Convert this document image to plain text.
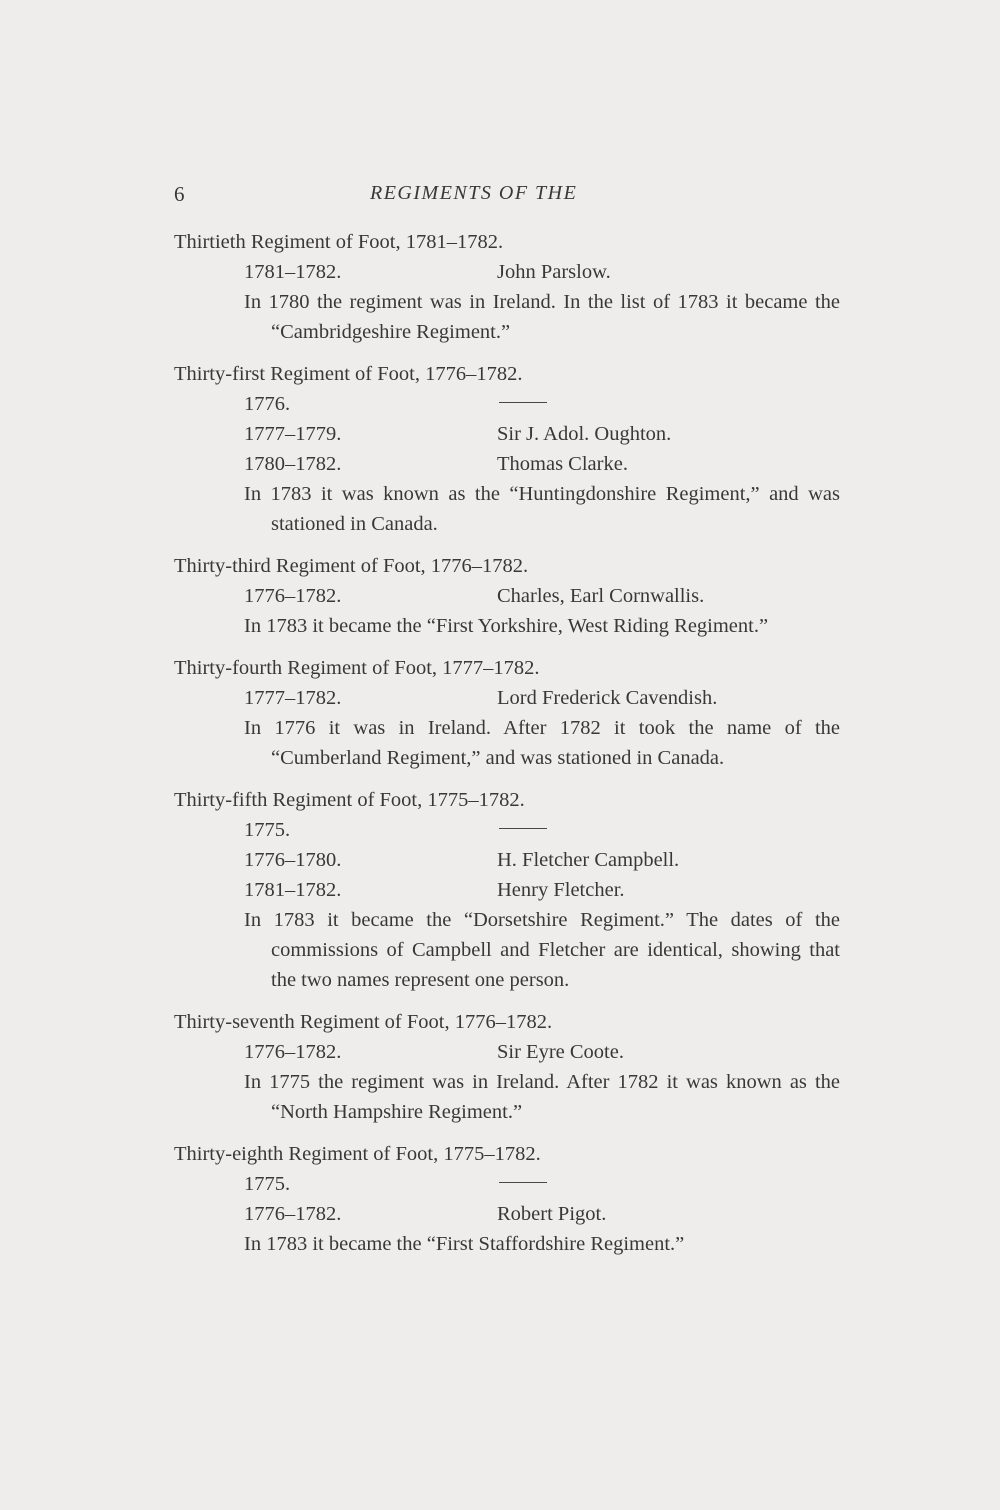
6	REGIMENTS OF THE
Thirtieth Regiment of Foot, 1781–1782.
1781–1782.	John Parslow.
In 1780 the regiment was in Ireland. In the list of 1783 it became the “Cambridgeshire Regiment.”
Thirty-first Regiment of Foot, 1776–1782.
1776.
1777–1779.	Sir J. Adol. Oughton.
1780–1782.	Thomas Clarke.
In 1783 it was known as the “Huntingdonshire Regiment,” and was stationed in Canada.
Thirty-third Regiment of Foot, 1776–1782.
1776–1782.	Charles, Earl Cornwallis.
In 1783 it became the “First Yorkshire, West Riding Regiment.”
Thirty-fourth Regiment of Foot, 1777–1782.
1777–1782.	Lord Frederick Cavendish.
In 1776 it was in Ireland. After 1782 it took the name of the “Cumberland Regiment,” and was stationed in Canada.
Thirty-fifth Regiment of Foot, 1775–1782.
1775.
1776–1780.	H. Fletcher Campbell.
1781–1782.	Henry Fletcher.
In 1783 it became the “Dorsetshire Regiment.” The dates of the commissions of Campbell and Fletcher are identical, showing that the two names represent one person.
Thirty-seventh Regiment of Foot, 1776–1782.
1776–1782.	Sir Eyre Coote.
In 1775 the regiment was in Ireland. After 1782 it was known as the “North Hampshire Regiment.”
Thirty-eighth Regiment of Foot, 1775–1782.
1775.
1776–1782.	Robert Pigot.
In 1783 it became the “First Staffordshire Regiment.”
